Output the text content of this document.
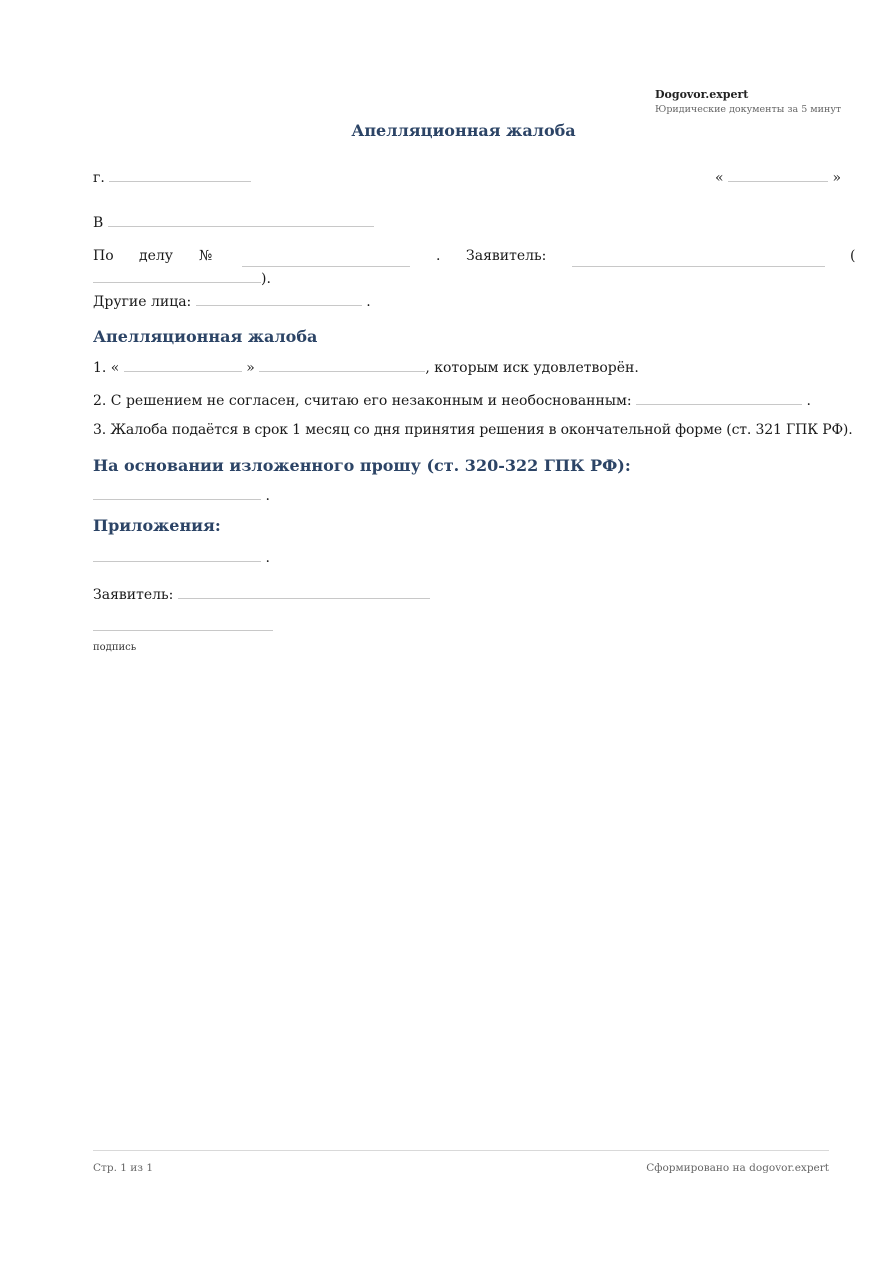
Dogovor.expert
Юридические документы за 5 минут
Апелляционная жалоба
г.	«	»
В
По делу №	. Заявитель:	(
).
Другие лица:	.
Апелляционная жалоба
1. «	»	, которым иск удовлетворён.
2. С решением не согласен, считаю его незаконным и необоснованным:	.
3. Жалоба подаётся в срок 1 месяц со дня принятия решения в окончательной форме (ст. 321 ГПК РФ).
На основании изложенного прошу (ст. 320-322 ГПК РФ):
.
Приложения:
.
Заявитель:
подпись
Стр. 1 из 1	Сформировано на dogovor.expert
